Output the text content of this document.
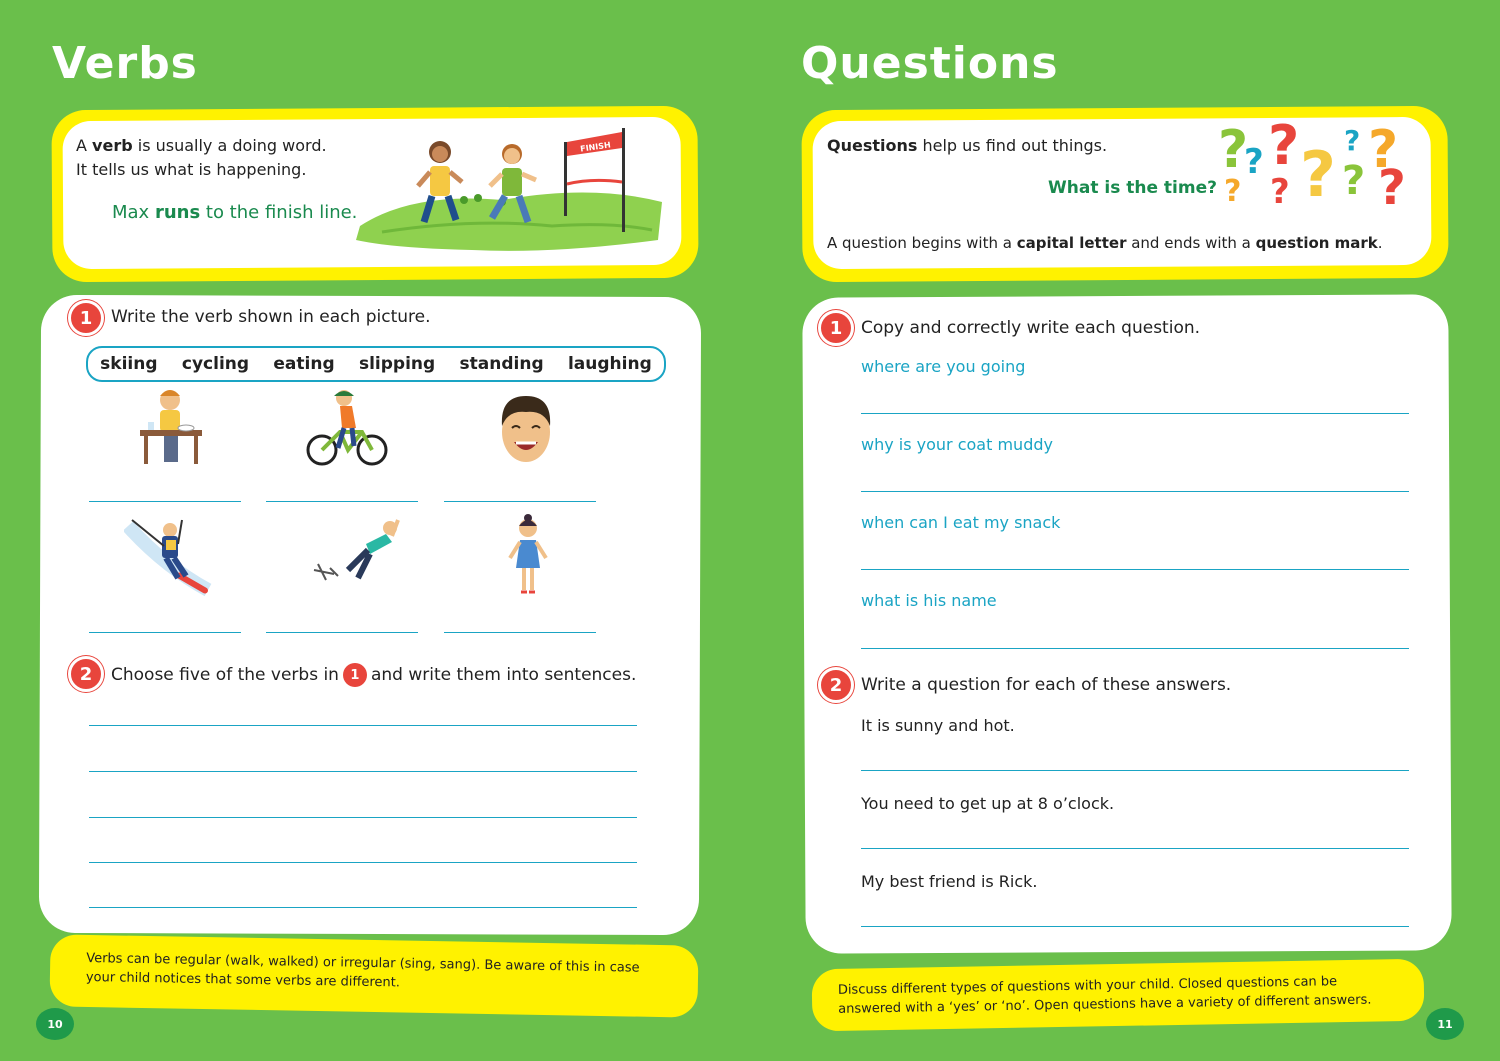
Verbs
A verb is usually a doing word.
It tells us what is happening.
Max runs to the finish line.
FINISH
1	Write the verb shown in each picture.
skiing cycling eating slipping standing laughing
2	Choose five of the verbs in 1 and write them into sentences.
Verbs can be regular (walk, walked) or irregular (sing, sang). Be aware of this in case your child notices that some verbs are different.
10
Questions
Questions help us find out things.
What is the time?
A question begins with a capital letter and ends with a question mark.
?
? ?
? ? ? ?
?
?
?
1	Copy and correctly write each question.
where are you going
why is your coat muddy
when can I eat my snack
what is his name
2	Write a question for each of these answers.
It is sunny and hot.
You need to get up at 8 o’clock.
My best friend is Rick.
Discuss different types of questions with your child. Closed questions can be answered with a ‘yes’ or ‘no’. Open questions have a variety of different answers.
11
